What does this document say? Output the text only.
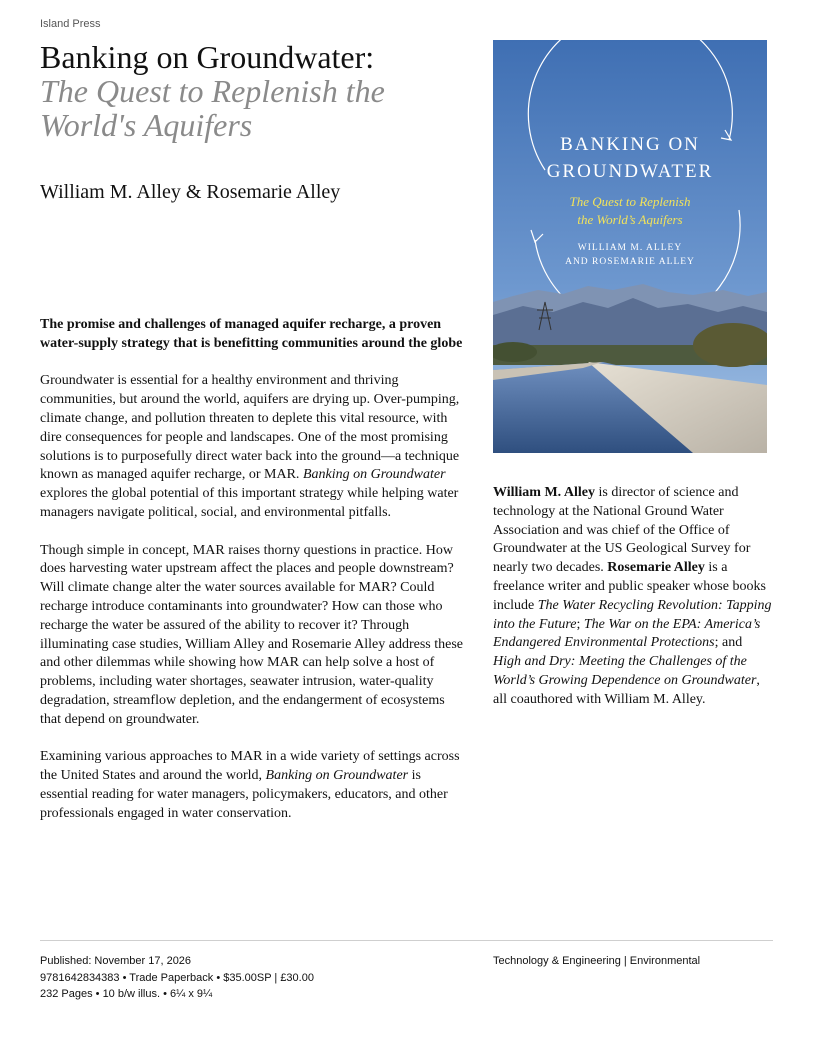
Island Press
Banking on Groundwater:
The Quest to Replenish the World's Aquifers
William M. Alley & Rosemarie Alley
BANKING ON
GROUNDWATER
The Quest to Replenish
the World’s Aquifers
WILLIAM M. ALLEY
AND ROSEMARIE ALLEY

The promise and challenges of managed aquifer recharge, a proven water-supply strategy that is benefitting communities around the globe

Groundwater is essential for a healthy environment and thriving communities, but around the world, aquifers are drying up. Over-pumping, climate change, and pollution threaten to deplete this vital resource, with dire consequences for people and landscapes. One of the most promising solutions is to purposefully direct water back into the ground—a technique known as managed aquifer recharge, or MAR. Banking on Groundwater explores the global potential of this important strategy while helping water managers navigate political, social, and environmental pitfalls.

Though simple in concept, MAR raises thorny questions in practice. How does harvesting water upstream affect the places and people downstream? Will climate change alter the water sources available for MAR? Could recharge introduce contaminants into groundwater? How can those who recharge the water be assured of the ability to recover it? Through illuminating case studies, William Alley and Rosemarie Alley address these and other dilemmas while showing how MAR can help solve a host of problems, including water shortages, seawater intrusion, water-quality degradation, streamflow depletion, and the endangerment of ecosystems that depend on groundwater.

Examining various approaches to MAR in a wide variety of settings across the United States and around the world, Banking on Groundwater is essential reading for water managers, policymakers, educators, and other professionals engaged in water conservation.

William M. Alley is director of science and technology at the National Ground Water Association and was chief of the Office of Groundwater at the US Geological Survey for nearly two decades. Rosemarie Alley is a freelance writer and public speaker whose books include The Water Recycling Revolution: Tapping into the Future; The War on the EPA: America’s Endangered Environmental Protections; and High and Dry: Meeting the Challenges of the World’s Growing Dependence on Groundwater, all coauthored with William M. Alley.

Published: November 17, 2026
9781642834383 • Trade Paperback • $35.00SP | £30.00
232 Pages • 10 b/w illus. • 6¼ x 9¼
Technology & Engineering | Environmental
